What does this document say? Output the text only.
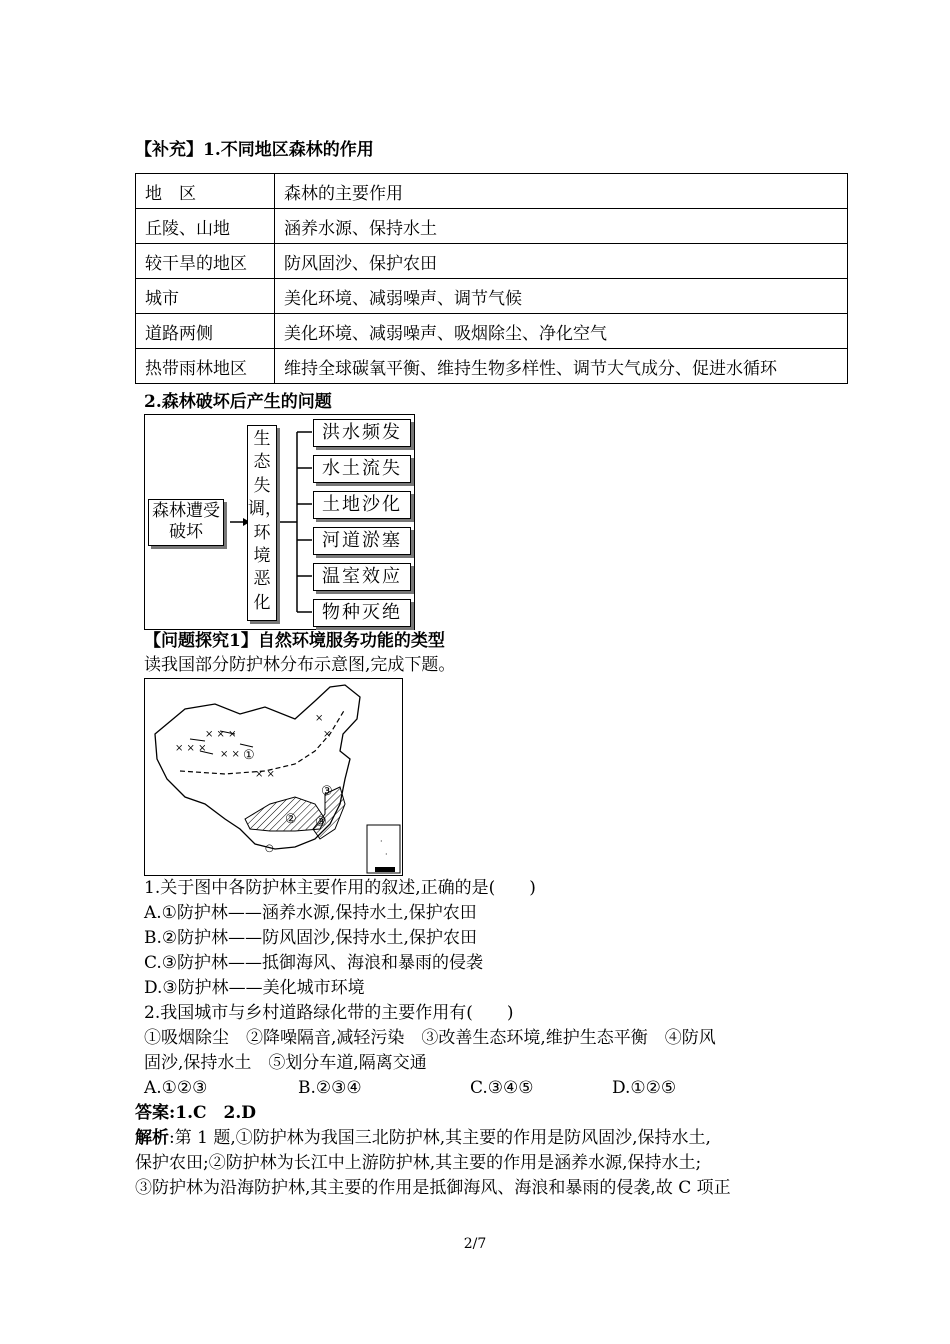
【补充】1.不同地区森林的作用
地　区	森林的主要作用
丘陵、山地	涵养水源、保持水土
较干旱的地区	防风固沙、保护农田
城市	美化环境、减弱噪声、调节气候
道路两侧	美化环境、减弱噪声、吸烟除尘、净化空气
热带雨林地区	维持全球碳氧平衡、维持生物多样性、调节大气成分、促进水循环
2.森林破坏后产生的问题
森林遭受破坏
生态失调，环境恶化
洪水频发
水土流失
土地沙化
河道淤塞
温室效应
物种灭绝
【问题探究1】自然环境服务功能的类型
读我国部分防护林分布示意图,完成下题。
× × ×
× × ×
× ×
× ×
×
×
○
·
·
①
②
③
③
1.关于图中各防护林主要作用的叙述,正确的是(　　)
A.①防护林——涵养水源,保持水土,保护农田
B.②防护林——防风固沙,保持水土,保护农田
C.③防护林——抵御海风、海浪和暴雨的侵袭
D.③防护林——美化城市环境
2.我国城市与乡村道路绿化带的主要作用有(　　)
①吸烟除尘　②降噪隔音,减轻污染　③改善生态环境,维护生态平衡　④防风
固沙,保持水土　⑤划分车道,隔离交通
A.①②③	B.②③④	C.③④⑤	D.①②⑤
答案:1.C　2.D
解析:第 1 题,①防护林为我国三北防护林,其主要的作用是防风固沙,保持水土,
保护农田;②防护林为长江中上游防护林,其主要的作用是涵养水源,保持水土;
③防护林为沿海防护林,其主要的作用是抵御海风、海浪和暴雨的侵袭,故 C 项正
2/7
